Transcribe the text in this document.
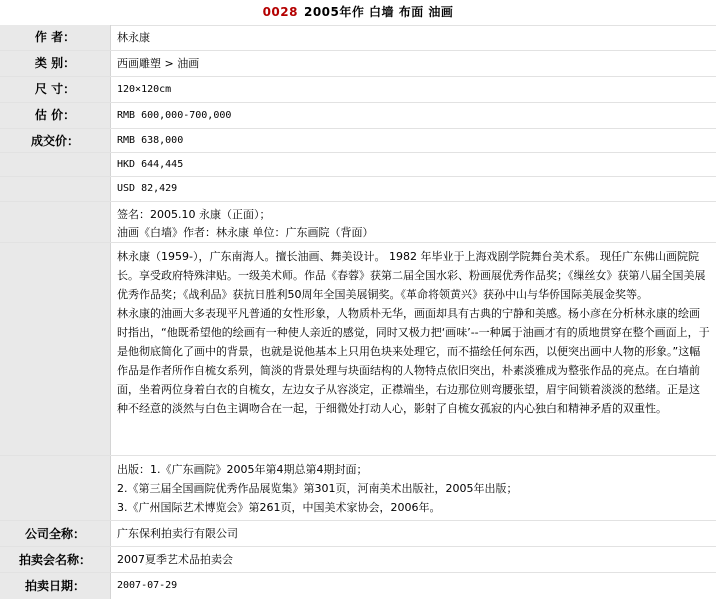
0028 2005年作 白墙 布面 油画
作 者：	林永康
类 别：	西画雕塑 > 油画
尺 寸：	120×120cm
估 价：	RMB 600,000-700,000
成交价：	RMB 638,000
HKD 644,445
USD 82,429
签名：2005.10 永康（正面）；
油画《白墙》作者：林永康 单位：广东画院（背面）

林永康（1959-），广东南海人。擅长油画、舞美设计。 1982 年毕业于上海戏剧学院舞台美术系。 现任广东佛山画院院长。享受政府特殊津贴。一级美术师。作品《春蓉》获第二届全国水彩、粉画展优秀作品奖；《缫丝女》获第八届全国美展优秀作品奖；《战利品》获抗日胜利50周年全国美展铜奖。《革命将领黄兴》获孙中山与华侨国际美展金奖等。

林永康的油画大多表现平凡普通的女性形象，人物质朴无华，画面却具有古典的宁静和美感。杨小彦在分析林永康的绘画时指出，“他既希望他的绘画有一种使人亲近的感觉，同时又极力把‘画味’--一种属于油画才有的质地贯穿在整个画面上，于是他彻底简化了画中的背景，也就是说他基本上只用色块来处理它，而不描绘任何东西，以便突出画中人物的形象。”这幅作品是作者所作自梳女系列，简淡的背景处理与块面结构的人物特点依旧突出，朴素淡雅成为整张作品的亮点。在白墙前面，坐着两位身着白衣的自梳女，左边女子从容淡定，正襟端坐，右边那位则弯腰张望，眉宇间锁着淡淡的愁绪。正是这种不经意的淡然与白色主调吻合在一起，于细微处打动人心，影射了自梳女孤寂的内心独白和精神矛盾的双重性。

出版：1.《广东画院》2005年第4期总第4期封面；
2.《第三届全国画院优秀作品展览集》第301页，河南美术出版社，2005年出版；
3.《广州国际艺术博览会》第261页，中国美术家协会，2006年。
公司全称：	广东保利拍卖行有限公司
拍卖会名称：	2007夏季艺术品拍卖会
拍卖日期：	2007-07-29
